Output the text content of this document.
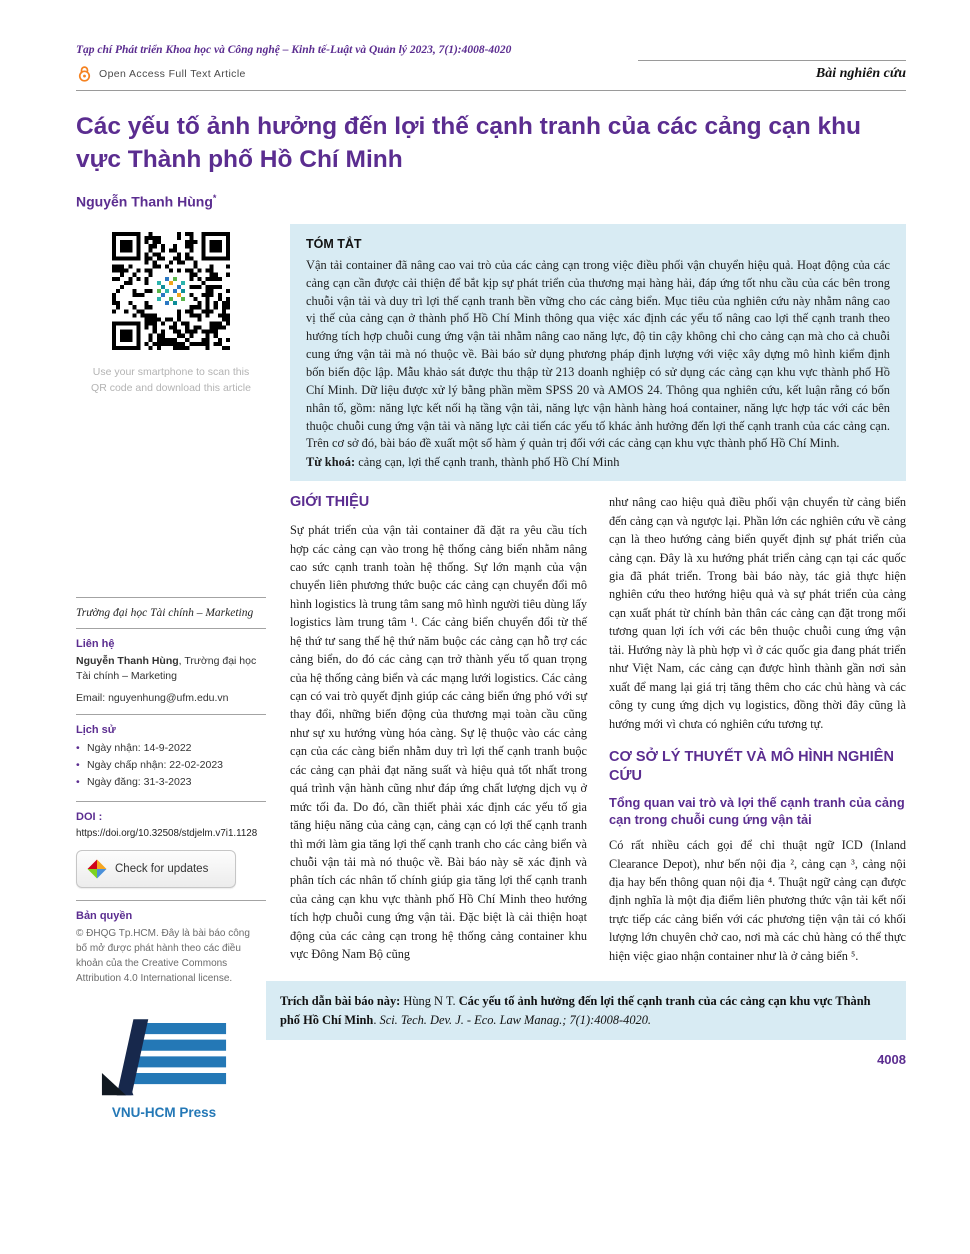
Tạp chí Phát triển Khoa học và Công nghệ – Kinh tế-Luật và Quản lý 2023, 7(1):4008-4020
Open Access Full Text Article	Bài nghiên cứu
Các yếu tố ảnh hưởng đến lợi thế cạnh tranh của các cảng cạn khu vực Thành phố Hồ Chí Minh
Nguyễn Thanh Hùng*
Use your smartphone to scan this QR code and download this article
TÓM TẮT

Vận tải container đã nâng cao vai trò của các cảng cạn trong việc điều phối vận chuyển hiệu quả. Hoạt động của các cảng cạn cần được cải thiện để bắt kịp sự phát triển của thương mại hàng hải, đáp ứng tốt nhu cầu của các bên trong chuỗi vận tải và duy trì lợi thế cạnh tranh bền vững cho các cảng biển. Mục tiêu của nghiên cứu này nhằm nâng cao vị thế của cảng cạn ở thành phố Hồ Chí Minh thông qua việc xác định các yếu tố nâng cao lợi thế cạnh tranh theo hướng tích hợp chuỗi cung ứng vận tải nhằm nâng cao năng lực, độ tin cậy không chỉ cho cảng cạn mà cho cả chuỗi cung ứng vận tải mà nó thuộc về. Bài báo sử dụng phương pháp định lượng với việc xây dựng mô hình kiểm định bốn biến độc lập. Mẫu khảo sát được thu thập từ 213 doanh nghiệp có sử dụng các cảng cạn khu vực thành phố Hồ Chí Minh. Dữ liệu được xử lý bằng phần mềm SPSS 20 và AMOS 24. Thông qua nghiên cứu, kết luận rằng có bốn nhân tố, gồm: năng lực kết nối hạ tầng vận tải, năng lực vận hành hàng hoá container, năng lực hợp tác với các bên thuộc chuỗi cung ứng vận tải và năng lực cải tiến các yếu tố khác ảnh hưởng đến lợi thế cạnh tranh của các cảng cạn. Trên cơ sở đó, bài báo đề xuất một số hàm ý quản trị đối với các cảng cạn khu vực thành phố Hồ Chí Minh.

Từ khoá: cảng cạn, lợi thế cạnh tranh, thành phố Hồ Chí Minh

Trường đại học Tài chính – Marketing
Liên hệ
Nguyễn Thanh Hùng, Trường đại học Tài chính – Marketing
Email: nguyenhung@ufm.edu.vn
Lịch sử
• Ngày nhận: 14-9-2022
• Ngày chấp nhận: 22-02-2023
• Ngày đăng: 31-3-2023
DOI :
https://doi.org/10.32508/stdjelm.v7i1.1128
Check for updates
Bản quyền
© ĐHQG Tp.HCM. Đây là bài báo công bố mở được phát hành theo các điều khoản của the Creative Commons Attribution 4.0 International license.
VNU-HCM Press
GIỚI THIỆU

Sự phát triển của vận tải container đã đặt ra yêu cầu tích hợp các cảng cạn vào trong hệ thống cảng biển nhằm nâng cao sức cạnh tranh toàn hệ thống. Sự lớn mạnh của vận chuyển liên phương thức buộc các cảng cạn chuyển đổi mô hình logistics là trung tâm sang mô hình người tiêu dùng lấy logistics làm trung tâm ¹. Các cảng biển chuyển đổi từ thế hệ thứ tư sang thế hệ thứ năm buộc các cảng cạn hỗ trợ các cảng biển, do đó các cảng cạn trở thành yếu tố quan trọng của hệ thống cảng biển và các mạng lưới logistics. Các cảng cạn có vai trò quyết định giúp các cảng biển ứng phó với sự thay đổi, những biến động của thương mại toàn cầu cũng như sự xu hướng vùng hóa càng. Sự lệ thuộc vào các cảng cạn của các càng biển nhằm duy trì lợi thế cạnh tranh buộc các cảng cạn phải đạt năng suất và hiệu quả tốt nhất trong quá trình vận hành cũng như đáp ứng chất lượng dịch vụ ở mức tối đa. Do đó, cần thiết phải xác định các yếu tố gia tăng hiệu năng của cảng cạn, cảng cạn có lợi thế cạnh tranh thì mới làm gia tăng lợi thế cạnh tranh cho các cảng biển và chuỗi vận tải mà nó thuộc về. Bài báo này sẽ xác định và phân tích các nhân tố chính giúp gia tăng lợi thế cạnh tranh của cảng cạn khu vực thành phố Hồ Chí Minh theo hướng tích hợp chuỗi cung ứng vận tải. Đặc biệt là cải thiện hoạt động của các cảng cạn trong hệ thống cảng container khu vực Đông Nam Bộ cũng

như nâng cao hiệu quả điều phối vận chuyển từ cảng biển đến cảng cạn và ngược lại. Phần lớn các nghiên cứu về cảng cạn là theo hướng cảng biển quyết định sự phát triển của cảng cạn. Đây là xu hướng phát triển cảng cạn tại các quốc gia đã phát triển. Trong bài báo này, tác giả thực hiện nghiên cứu theo hướng hiệu quả và sự phát triển của cảng cạn xuất phát từ chính bản thân các cảng cạn đặt trong mối tương quan lợi ích với các bên thuộc chuỗi cung ứng vận tải. Hướng này là phù hợp vì ở các quốc gia đang phát triển như Việt Nam, các cảng cạn được hình thành gần nơi sản xuất để mang lại giá trị tăng thêm cho các chủ hàng và các công ty cung ứng dịch vụ logistics, đồng thời đây cũng là hướng mới vì chưa có nghiên cứu tương tự.

CƠ SỞ LÝ THUYẾT VÀ MÔ HÌNH NGHIÊN CỨU
Tổng quan vai trò và lợi thế cạnh tranh của cảng cạn trong chuỗi cung ứng vận tải

Có rất nhiều cách gọi để chỉ thuật ngữ ICD (Inland Clearance Depot), như bến nội địa ², cảng cạn ³, cảng nội địa hay bến thông quan nội địa ⁴. Thuật ngữ cảng cạn được định nghĩa là một địa điểm liên phương thức vận tải kết nối trực tiếp các cảng biển với các phương tiện vận tải có khối lượng lớn chuyên chở cao, nơi mà các chủ hàng có thể thực hiện việc giao nhận container như là ở cảng biển ⁵.

Trích dẫn bài báo này: Hùng N T. Các yếu tố ảnh hưởng đến lợi thế cạnh tranh của các cảng cạn khu vực Thành phố Hồ Chí Minh. Sci. Tech. Dev. J. - Eco. Law Manag.; 7(1):4008-4020.
4008
